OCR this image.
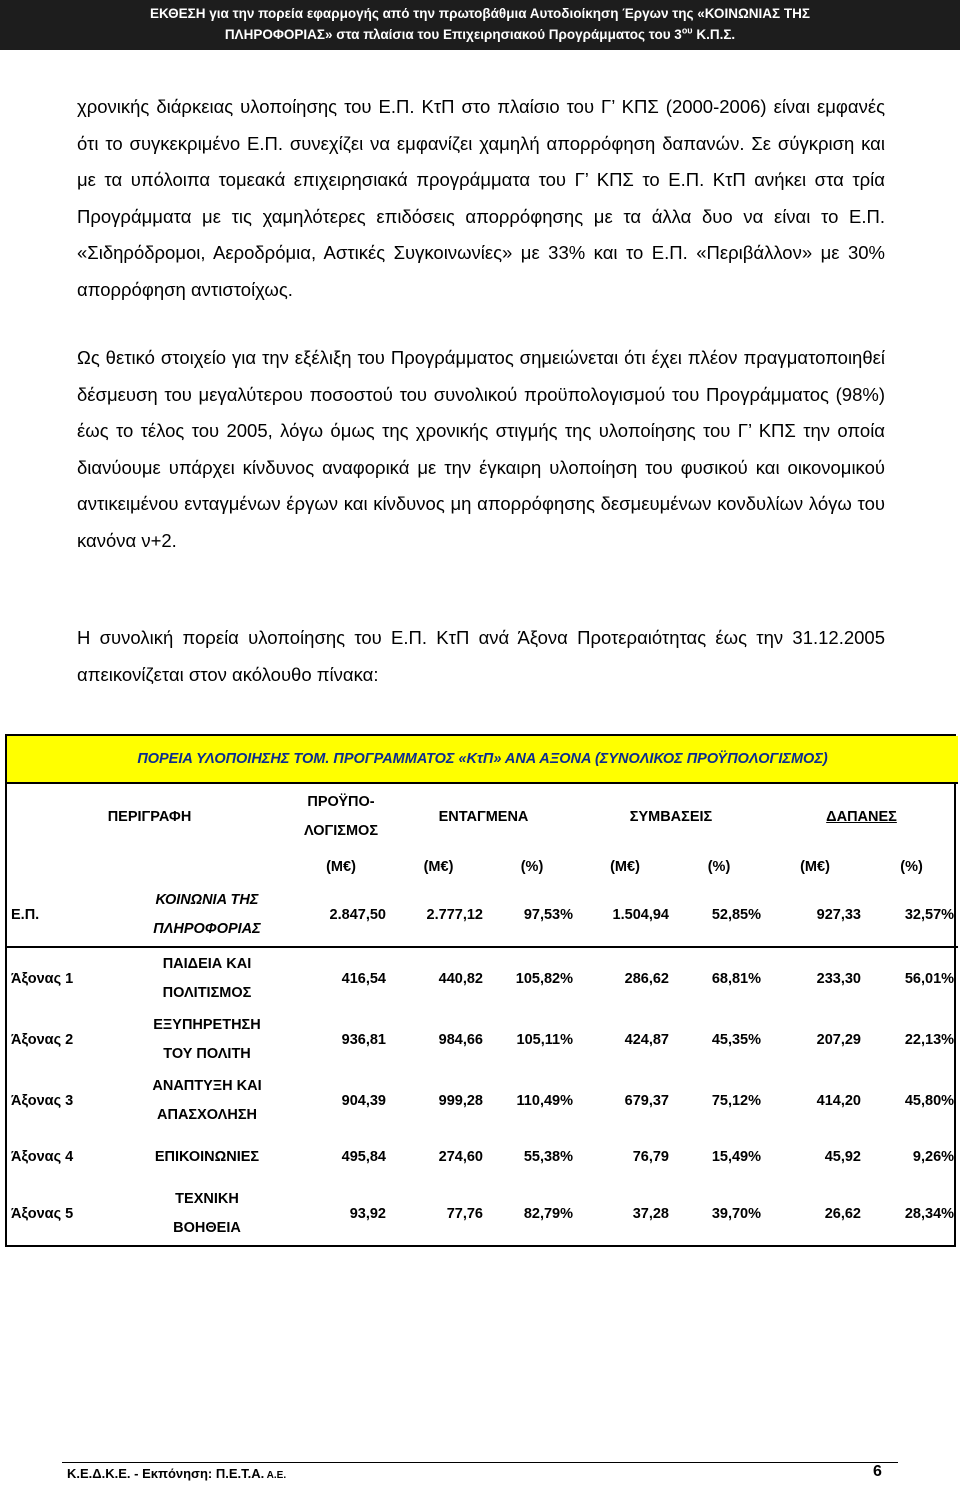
ΕΚΘΕΣΗ για την πορεία εφαρμογής από την πρωτοβάθμια Αυτοδιοίκηση Έργων της «ΚΟΙΝΩΝΙΑΣ ΤΗΣ
ΠΛΗΡΟΦΟΡΙΑΣ» στα πλαίσια του Επιχειρησιακού Προγράμματος του $3^{o\upsilon}$ Κ.Π.Σ.

χρονικής διάρκειας υλοποίησης του Ε.Π. ΚτΠ στο πλαίσιο του Γ’ ΚΠΣ (2000-2006) είναι εμφανές ότι το συγκεκριμένο Ε.Π. συνεχίζει να εμφανίζει χαμηλή απορρόφηση δαπανών. Σε σύγκριση και με τα υπόλοιπα τομεακά επιχειρησιακά προγράμματα του Γ’ ΚΠΣ το Ε.Π. ΚτΠ ανήκει στα τρία Προγράμματα με τις χαμηλότερες επιδόσεις απορρόφησης με τα άλλα δυο να είναι το Ε.Π. «Σιδηρόδρομοι, Αεροδρόμια, Αστικές Συγκοινωνίες» με 33% και το Ε.Π. «Περιβάλλον» με 30% απορρόφηση αντιστοίχως.

Ως θετικό στοιχείο για την εξέλιξη του Προγράμματος σημειώνεται ότι έχει πλέον πραγματοποιηθεί δέσμευση του μεγαλύτερου ποσοστού του συνολικού προϋπολογισμού του Προγράμματος (98%) έως το τέλος του 2005, λόγω όμως της χρονικής στιγμής της υλοποίησης του Γ’ ΚΠΣ την οποία διανύουμε υπάρχει κίνδυνος αναφορικά με την έγκαιρη υλοποίηση του φυσικού και οικονομικού αντικειμένου ενταγμένων έργων και κίνδυνος μη απορρόφησης δεσμευμένων κονδυλίων λόγω του κανόνα ν+2.

Η συνολική πορεία υλοποίησης του Ε.Π. ΚτΠ ανά Άξονα Προτεραιότητας έως την 31.12.2005 απεικονίζεται στον ακόλουθο πίνακα:

ΠΟΡΕΙΑ ΥΛΟΠΟΙΗΣΗΣ ΤΟΜ. ΠΡΟΓΡΑΜΜΑΤΟΣ «ΚτΠ» ΑΝΑ ΑΞΟΝΑ (ΣΥΝΟΛΙΚΟΣ ΠΡΟΫΠΟΛΟΓΙΣΜΟΣ)								
ΠΕΡΙΓΡΑΦΗ		ΠΡΟΫΠΟ-
ΛΟΓΙΣΜΟΣ	ΕΝΤΑΓΜΕΝΑ		ΣΥΜΒΑΣΕΙΣ		ΔΑΠΑΝΕΣ	
		(Μ€)	(Μ€)	(%)	(Μ€)	(%)	(Μ€)	(%)
Ε.Π.	ΚΟΙΝΩΝΙΑ ΤΗΣ
ΠΛΗΡΟΦΟΡΙΑΣ	2.847,50	2.777,12	97,53%	1.504,94	52,85%	927,33	32,57%
Άξονας 1	ΠΑΙΔΕΙΑ ΚΑΙ
ΠΟΛΙΤΙΣΜΟΣ	416,54	440,82	105,82%	286,62	68,81%	233,30	56,01%
Άξονας 2	ΕΞΥΠΗΡΕΤΗΣΗ
ΤΟΥ ΠΟΛΙΤΗ	936,81	984,66	105,11%	424,87	45,35%	207,29	22,13%
Άξονας 3	ΑΝΑΠΤΥΞΗ ΚΑΙ
ΑΠΑΣΧΟΛΗΣΗ	904,39	999,28	110,49%	679,37	75,12%	414,20	45,80%
Άξονας 4	ΕΠΙΚΟΙΝΩΝΙΕΣ	495,84	274,60	55,38%	76,79	15,49%	45,92	9,26%
Άξονας 5	ΤΕΧΝΙΚΗ
ΒΟΗΘΕΙΑ	93,92	77,76	82,79%	37,28	39,70%	26,62	28,34%
Κ.Ε.Δ.Κ.Ε. - Εκπόνηση: Π.Ε.Τ.Α. Α.Ε.	6
